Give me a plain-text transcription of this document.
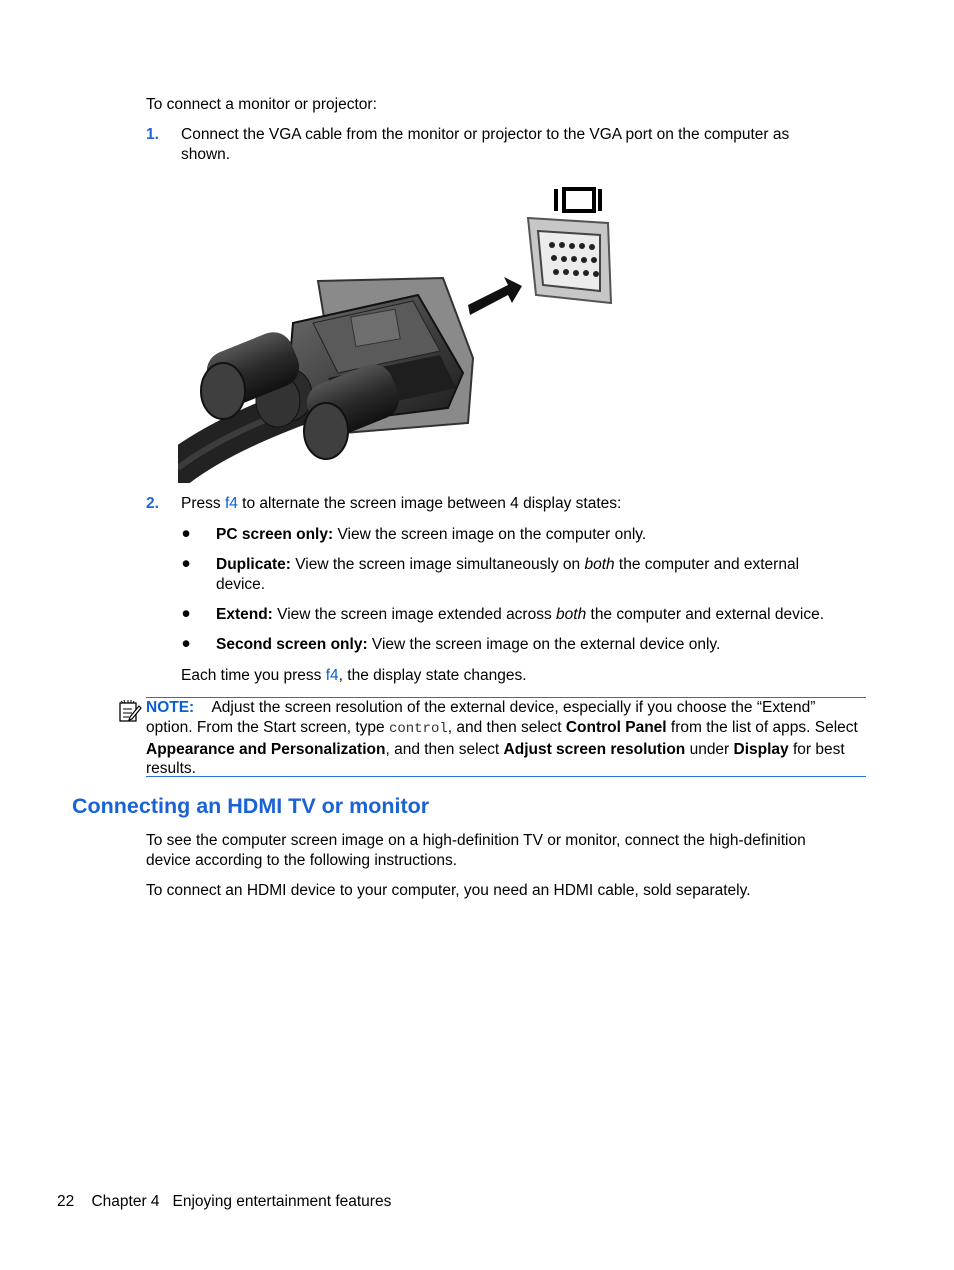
To connect a monitor or projector:

1. Connect the VGA cable from the monitor or projector to the VGA port on the computer as shown.

2. Press f4 to alternate the screen image between 4 display states:

● PC screen only: View the screen image on the computer only.

● Duplicate: View the screen image simultaneously on both the computer and external device.

● Extend: View the screen image extended across both the computer and external device.

● Second screen only: View the screen image on the external device only.

Each time you press f4, the display state changes.

NOTE: Adjust the screen resolution of the external device, especially if you choose the “Extend” option. From the Start screen, type control, and then select Control Panel from the list of apps. Select Appearance and Personalization, and then select Adjust screen resolution under Display for best results.

Connecting an HDMI TV or monitor

To see the computer screen image on a high-definition TV or monitor, connect the high-definition device according to the following instructions.

To connect an HDMI device to your computer, you need an HDMI cable, sold separately.

22 Chapter 4 Enjoying entertainment features
